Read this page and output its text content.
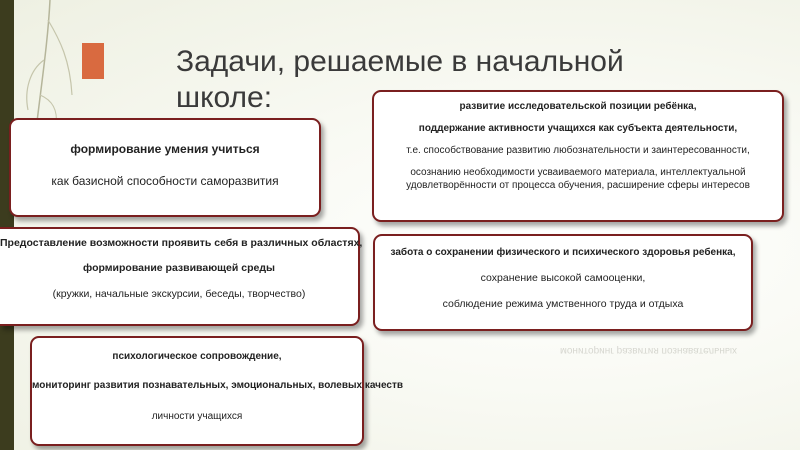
Задачи, решаемые в начальной
школе:
мониторинг развития познавательных
формирование умения учиться
как базисной способности саморазвития
Предоставление возможности проявить себя в различных областях,
формирование развивающей среды
(кружки, начальные экскурсии, беседы, творчество)
психологическое сопровождение,
мониторинг развития познавательных, эмоциональных, волевых качеств
личности учащихся
развитие исследовательской позиции ребёнка,
поддержание активности учащихся как субъекта деятельности,
т.е. способствование развитию любознательности и заинтересованности,
осознанию необходимости усваиваемого материала, интеллектуальной
удовлетворённости от процесса обучения, расширение сферы интересов
забота о сохранении физического и психического здоровья ребенка,
сохранение высокой самооценки,
соблюдение режима умственного труда и отдыха
